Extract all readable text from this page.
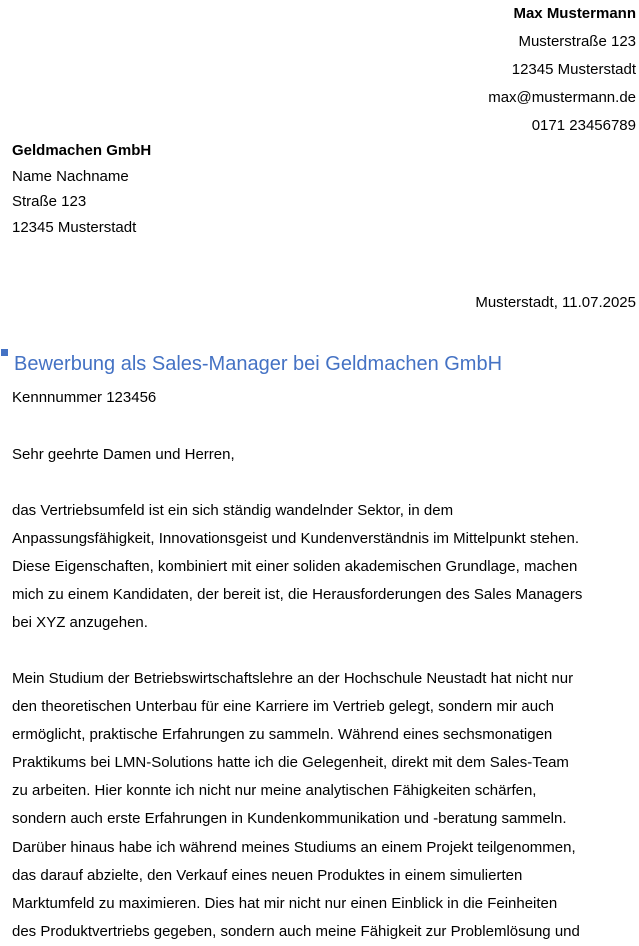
Max Mustermann
Musterstraße 123
12345 Musterstadt
max@mustermann.de
0171 23456789
Geldmachen GmbH
Name Nachname
Straße 123
12345 Musterstadt
Musterstadt, 11.07.2025
Bewerbung als Sales-Manager bei Geldmachen GmbH
Kennnummer 123456
Sehr geehrte Damen und Herren,
das Vertriebsumfeld ist ein sich ständig wandelnder Sektor, in dem
Anpassungsfähigkeit, Innovationsgeist und Kundenverständnis im Mittelpunkt stehen.
Diese Eigenschaften, kombiniert mit einer soliden akademischen Grundlage, machen
mich zu einem Kandidaten, der bereit ist, die Herausforderungen des Sales Managers
bei XYZ anzugehen.
Mein Studium der Betriebswirtschaftslehre an der Hochschule Neustadt hat nicht nur
den theoretischen Unterbau für eine Karriere im Vertrieb gelegt, sondern mir auch
ermöglicht, praktische Erfahrungen zu sammeln. Während eines sechsmonatigen
Praktikums bei LMN-Solutions hatte ich die Gelegenheit, direkt mit dem Sales-Team
zu arbeiten. Hier konnte ich nicht nur meine analytischen Fähigkeiten schärfen,
sondern auch erste Erfahrungen in Kundenkommunikation und -beratung sammeln.
Darüber hinaus habe ich während meines Studiums an einem Projekt teilgenommen,
das darauf abzielte, den Verkauf eines neuen Produktes in einem simulierten
Marktumfeld zu maximieren. Dies hat mir nicht nur einen Einblick in die Feinheiten
des Produktvertriebs gegeben, sondern auch meine Fähigkeit zur Problemlösung und
